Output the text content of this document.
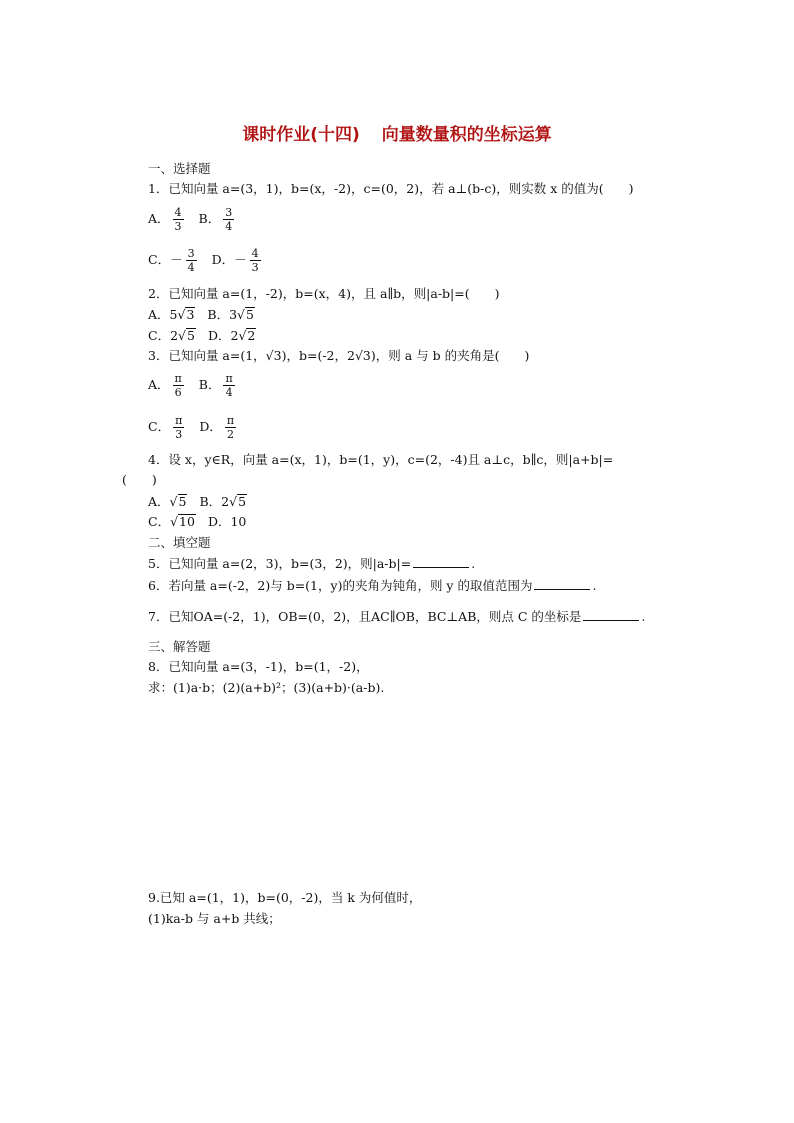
课时作业(十四) 向量数量积的坐标运算
一、选择题
1．已知向量 a=(3，1)，b=(x，-2)，c=(0，2)，若 a⊥(b-c)，则实数 x 的值为(　　)
A． $\frac{4}{3}$ B． $\frac{3}{4}$
C．－ $\frac{3}{4}$ D．－ $\frac{4}{3}$
2．已知向量 a=(1，-2)，b=(x，4)，且 a∥b，则|a-b|=(　　)
A．5√3 B．3√5
C．2√5 D．2√2
3．已知向量 a=(1，√3)，b=(-2，2√3)，则 a 与 b 的夹角是(　　)
A． $\frac{\pi}{6}$ B． $\frac{\pi}{4}$
C． $\frac{\pi}{3}$ D． $\frac{\pi}{2}$
4．设 x，y∈R，向量 a=(x，1)，b=(1，y)，c=(2，-4)且 a⊥c，b∥c，则|a+b|=
(　　)
A．√5 B．2√5
C．√10 D．10
二、填空题
5．已知向量 a=(2，3)，b=(3，2)，则|a-b|=	.
6．若向量 a=(-2，2)与 b=(1，y)的夹角为钝角，则 y 的取值范围为	.
7．已知OA=(-2，1)，OB=(0，2)，且AC∥OB，BC⊥AB，则点 C 的坐标是	.
三、解答题
8．已知向量 a=(3，-1)，b=(1，-2)，
求：(1)a·b；(2)(a+b)²；(3)(a+b)·(a-b).
9.已知 a=(1，1)，b=(0，-2)，当 k 为何值时，
(1)ka-b 与 a+b 共线；
